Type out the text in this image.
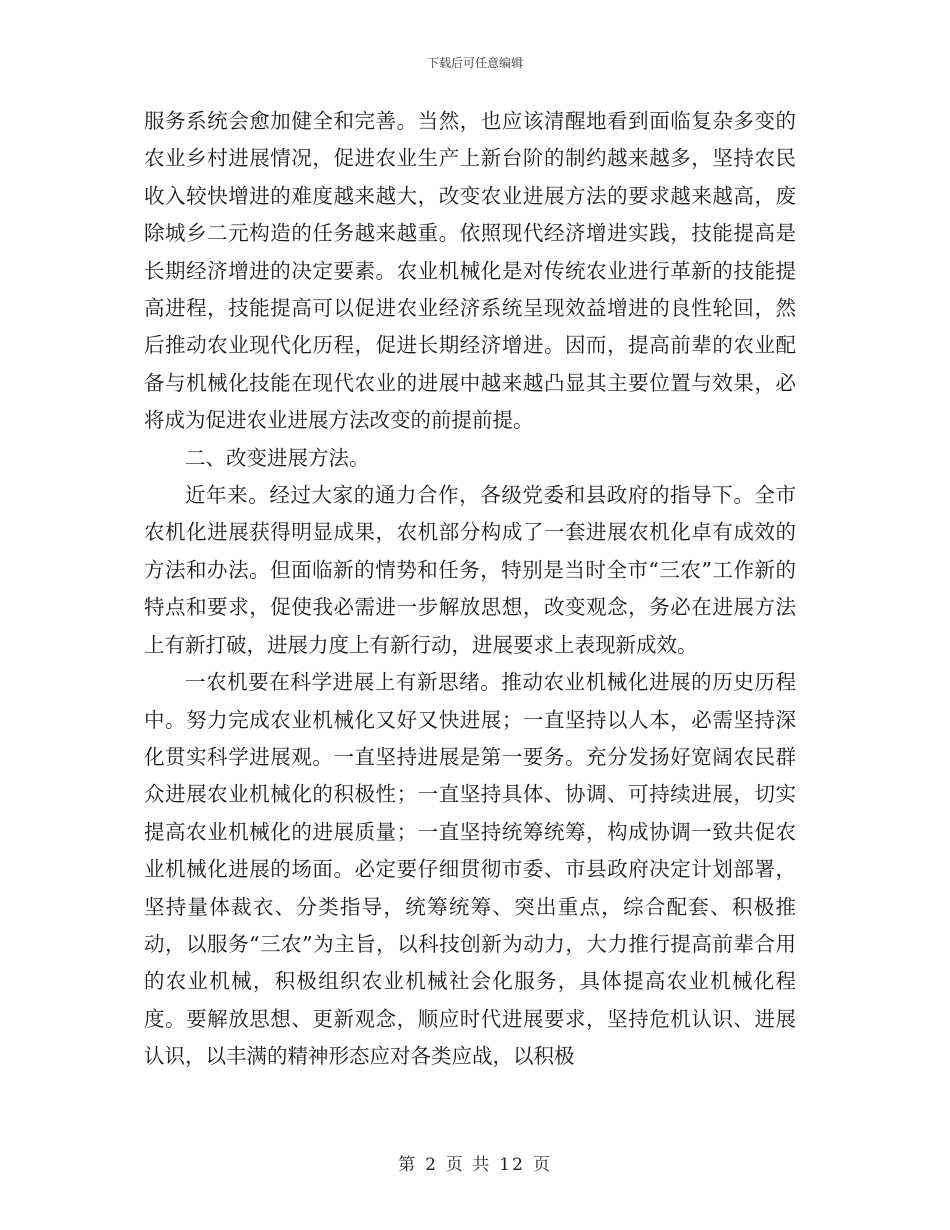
下载后可任意编辑

服务系统会愈加健全和完善。当然，也应该清醒地看到面临复杂多变的农业乡村进展情况，促进农业生产上新台阶的制约越来越多，坚持农民收入较快增进的难度越来越大，改变农业进展方法的要求越来越高，废除城乡二元构造的任务越来越重。依照现代经济增进实践，技能提高是长期经济增进的决定要素。农业机械化是对传统农业进行革新的技能提高进程，技能提高可以促进农业经济系统呈现效益增进的良性轮回，然后推动农业现代化历程，促进长期经济增进。因而，提高前辈的农业配备与机械化技能在现代农业的进展中越来越凸显其主要位置与效果，必将成为促进农业进展方法改变的前提前提。

二、改变进展方法。

近年来。经过大家的通力合作，各级党委和县政府的指导下。全市农机化进展获得明显成果，农机部分构成了一套进展农机化卓有成效的方法和办法。但面临新的情势和任务，特别是当时全市“三农”工作新的特点和要求，促使我必需进一步解放思想，改变观念，务必在进展方法上有新打破，进展力度上有新行动，进展要求上表现新成效。

一农机要在科学进展上有新思绪。推动农业机械化进展的历史历程中。努力完成农业机械化又好又快进展；一直坚持以人本，必需坚持深化贯实科学进展观。一直坚持进展是第一要务。充分发扬好宽阔农民群众进展农业机械化的积极性；一直坚持具体、协调、可持续进展，切实提高农业机械化的进展质量；一直坚持统筹统筹，构成协调一致共促农业机械化进展的场面。必定要仔细贯彻市委、市县政府决定计划部署，坚持量体裁衣、分类指导，统筹统筹、突出重点，综合配套、积极推动，以服务“三农”为主旨，以科技创新为动力，大力推行提高前辈合用的农业机械，积极组织农业机械社会化服务，具体提高农业机械化程度。要解放思想、更新观念，顺应时代进展要求，坚持危机认识、进展认识，以丰满的精神形态应对各类应战，以积极

第 2 页 共 12 页
